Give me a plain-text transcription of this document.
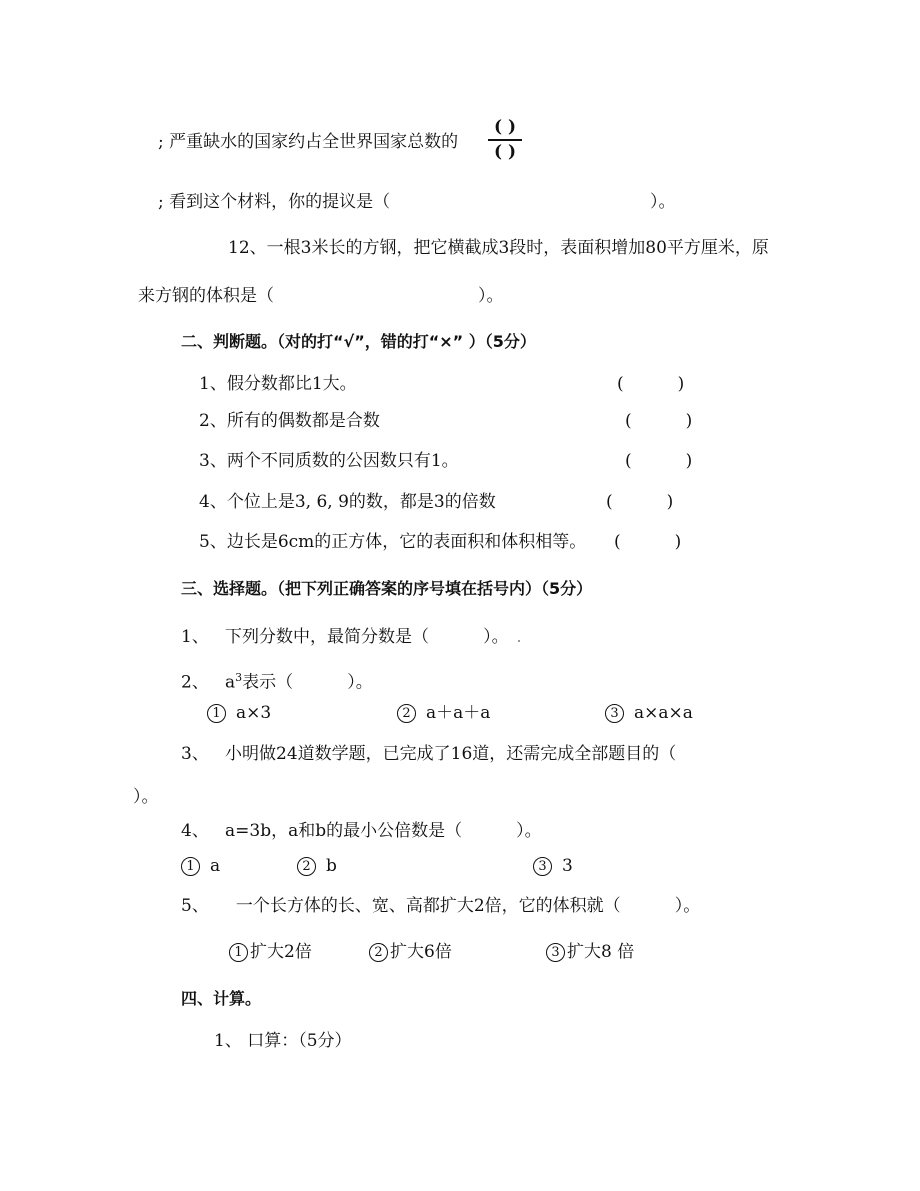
; 严重缺水的国家约占全世界国家总数的
( )
( )
; 看到这个材料，你的提议是（	）。
12、一根3米长的方钢，把它横截成3段时，表面积增加80平方厘米，原
来方钢的体积是（	）。
二、判断题。（对的打“√”，错的打“×” ）（5分）
1、假分数都比1大。	(          )
2、所有的偶数都是合数	(          )
3、两个不同质数的公因数只有1。	(          )
4、个位上是3, 6, 9的数，都是3的倍数	(          )
5、边长是6cm的正方体，它的表面积和体积相等。 (          )
三、选择题。（把下列正确答案的序号填在括号内）（5分）
1、   下列分数中，最简分数是（          ）。
2、   $a^3$表示（          ）。
1 a×3	2 a＋a＋a	3 a×a×a
3、   小明做24道数学题，已完成了16道，还需完成全部题目的（
）。
4、   a=3b，a和b的最小公倍数是（          ）。
1 a	2 b	3 3
5、     一个长方体的长、宽、高都扩大2倍，它的体积就（          ）。
1 扩大2倍	2 扩大6倍	3 扩大8 倍
四、计算。
1、 口算：（5分）
